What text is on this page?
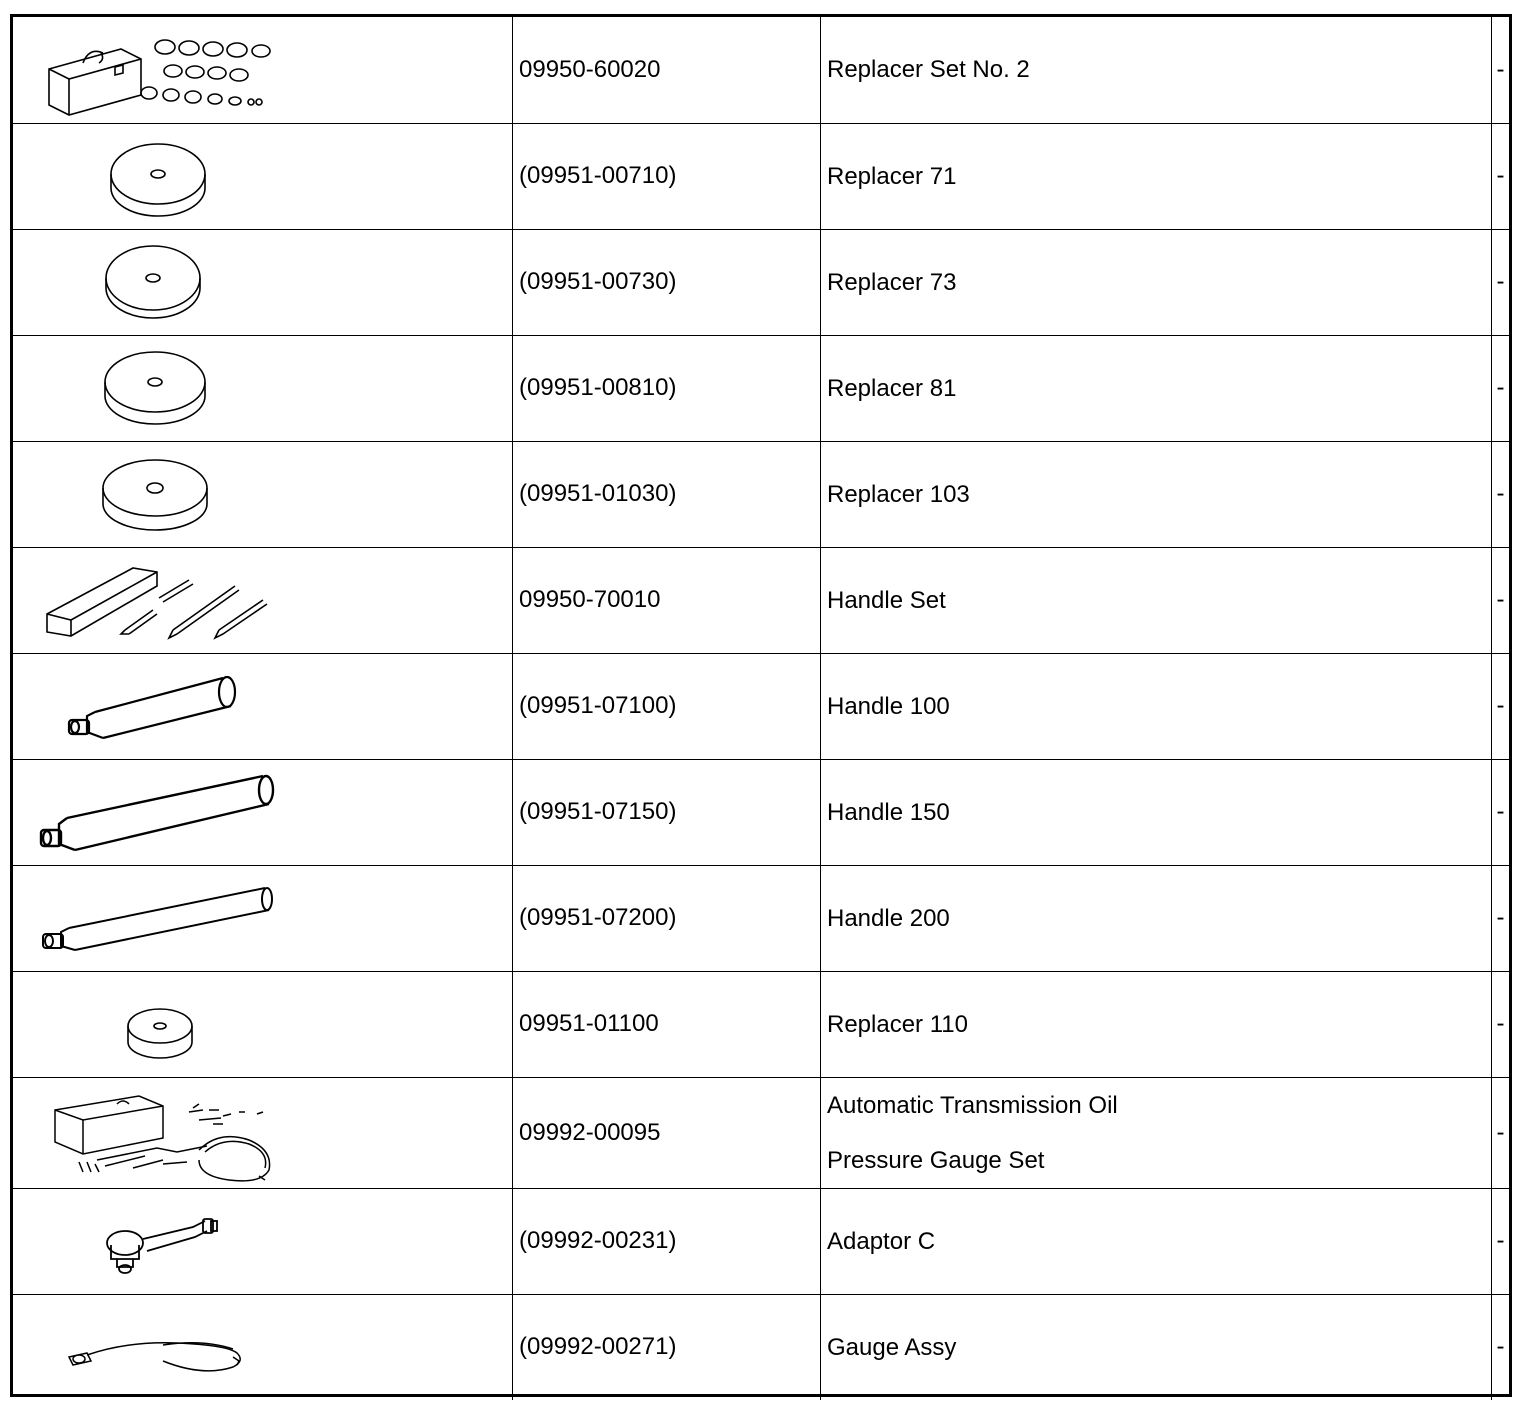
	09950-60020	Replacer Set No. 2	-

	(09951-00710)	Replacer 71	-

	(09951-00730)	Replacer 73	-

	(09951-00810)	Replacer 81	-

	(09951-01030)	Replacer 103	-

	09950-70010	Handle Set	-

	(09951-07100)	Handle 100	-

	(09951-07150)	Handle 150	-

	(09951-07200)	Handle 200	-

	09951-01100	Replacer 110	-

	09992-00095	Automatic Transmission Oil
Pressure Gauge Set	-

	(09992-00231)	Adaptor C	-

	(09992-00271)	Gauge Assy	-
